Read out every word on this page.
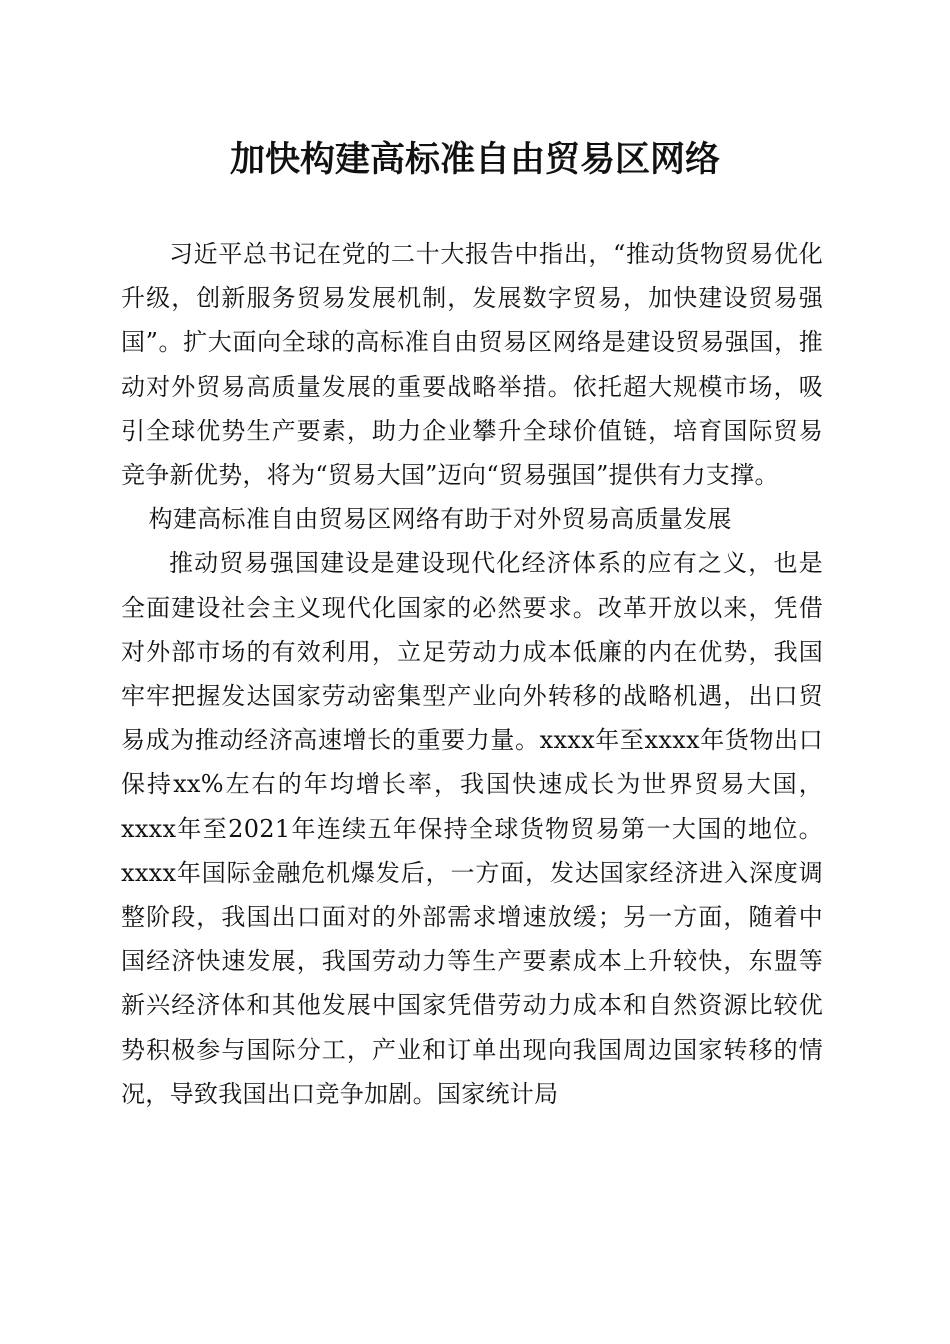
加快构建高标准自由贸易区网络

习近平总书记在党的二十大报告中指出，“推动货物贸易优化升级，创新服务贸易发展机制，发展数字贸易，加快建设贸易强国”。扩大面向全球的高标准自由贸易区网络是建设贸易强国，推动对外贸易高质量发展的重要战略举措。依托超大规模市场，吸引全球优势生产要素，助力企业攀升全球价值链，培育国际贸易竞争新优势，将为“贸易大国”迈向“贸易强国”提供有力支撑。

构建高标准自由贸易区网络有助于对外贸易高质量发展

推动贸易强国建设是建设现代化经济体系的应有之义，也是全面建设社会主义现代化国家的必然要求。改革开放以来，凭借对外部市场的有效利用，立足劳动力成本低廉的内在优势，我国牢牢把握发达国家劳动密集型产业向外转移的战略机遇，出口贸易成为推动经济高速增长的重要力量。xxxx年至xxxx年货物出口保持xx%左右的年均增长率，我国快速成长为世界贸易大国，xxxx年至2021年连续五年保持全球货物贸易第一大国的地位。xxxx年国际金融危机爆发后，一方面，发达国家经济进入深度调整阶段，我国出口面对的外部需求增速放缓；另一方面，随着中国经济快速发展，我国劳动力等生产要素成本上升较快，东盟等新兴经济体和其他发展中国家凭借劳动力成本和自然资源比较优势积极参与国际分工，产业和订单出现向我国周边国家转移的情况，导致我国出口竞争加剧。国家统计局
